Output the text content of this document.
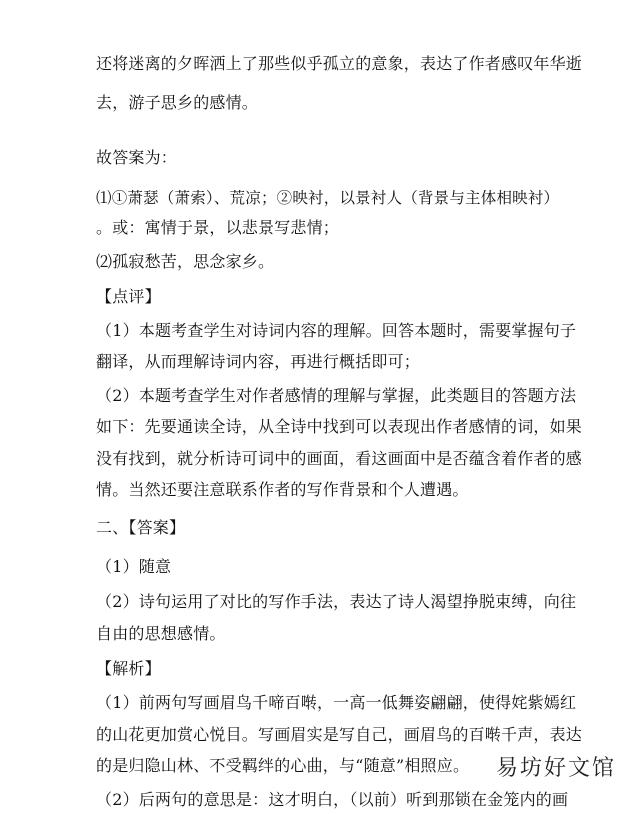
还将迷离的夕晖洒上了那些似乎孤立的意象，表达了作者感叹年华逝
去，游子思乡的感情。
故答案为：
⑴①萧瑟（萧索）、荒凉；②映衬，以景衬人（背景与主体相映衬）
。或：寓情于景，以悲景写悲情；
⑵孤寂愁苦，思念家乡。
【点评】
（1）本题考查学生对诗词内容的理解。回答本题时，需要掌握句子
翻译，从而理解诗词内容，再进行概括即可；
（2）本题考查学生对作者感情的理解与掌握，此类题目的答题方法
如下：先要通读全诗，从全诗中找到可以表现出作者感情的词，如果
没有找到，就分析诗可词中的画面，看这画面中是否蕴含着作者的感
情。当然还要注意联系作者的写作背景和个人遭遇。
二、【答案】
（1）随意
（2）诗句运用了对比的写作手法，表达了诗人渴望挣脱束缚，向往
自由的思想感情。
【解析】
（1）前两句写画眉鸟千啼百啭，一高一低舞姿翩翩，使得姹紫嫣红
的山花更加赏心悦目。写画眉实是写自己，画眉鸟的百啭千声，表达
的是归隐山林、不受羁绊的心曲，与“随意”相照应。
（2）后两句的意思是：这才明白，（以前）听到那锁在金笼内的画
易坊好文馆
